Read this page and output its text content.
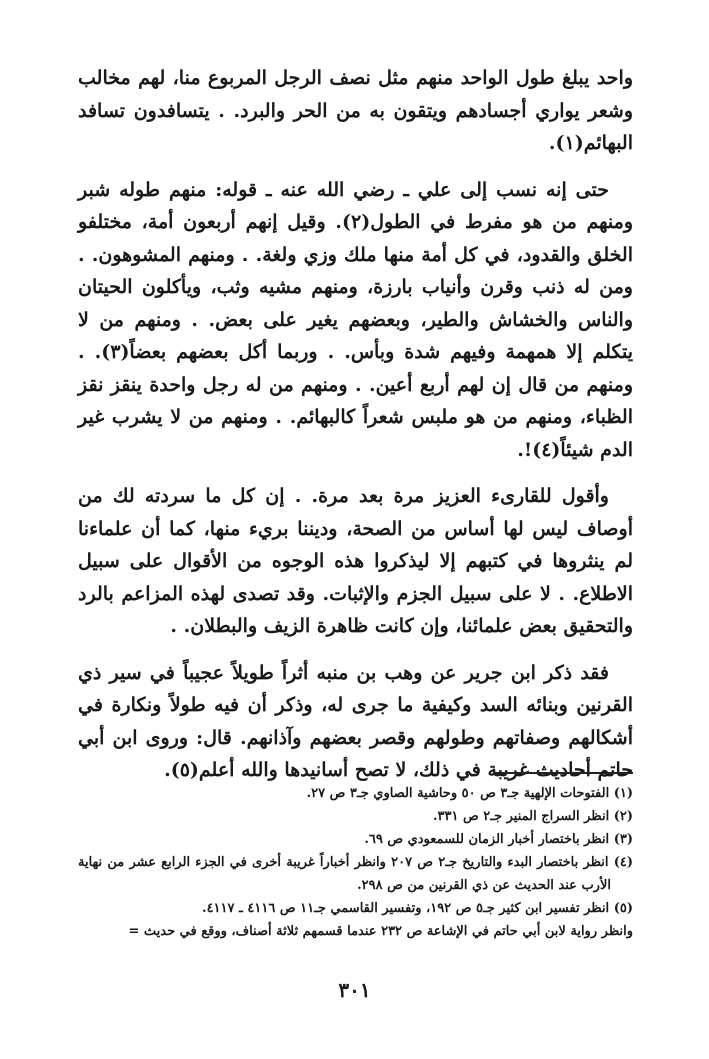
واحد يبلغ طول الواحد منهم مثل نصف الرجل المربوع منا، لهم مخالب وشعر يواري أجسادهم ويتقون به من الحر والبرد. . يتسافدون تسافد البهائم(١).

حتى إنه نسب إلى علي ـ رضي الله عنه ـ قوله: منهم طوله شبر ومنهم من هو مفرط في الطول(٢). وقيل إنهم أربعون أمة، مختلفو الخلق والقدود، في كل أمة منها ملك وزي ولغة. . ومنهم المشوهون. . ومن له ذنب وقرن وأنياب بارزة، ومنهم مشيه وثب، ويأكلون الحيتان والناس والخشاش والطير، وبعضهم يغير على بعض. . ومنهم من لا يتكلم إلا همهمة وفيهم شدة وبأس. . وربما أكل بعضهم بعضاً(٣). . ومنهم من قال إن لهم أربع أعين. . ومنهم من له رجل واحدة ينقز نقز الظباء، ومنهم من هو ملبس شعراً كالبهائم. . ومنهم من لا يشرب غير الدم شيئاً(٤)!.

وأقول للقارىء العزيز مرة بعد مرة. . إن كل ما سردته لك من أوصاف ليس لها أساس من الصحة، وديننا بريء منها، كما أن علماءنا لم ينثروها في كتبهم إلا ليذكروا هذه الوجوه من الأقوال على سبيل الاطلاع. . لا على سبيل الجزم والإثبات. وقد تصدى لهذه المزاعم بالرد والتحقيق بعض علمائنا، وإن كانت ظاهرة الزيف والبطلان. .

فقد ذكر ابن جرير عن وهب بن منبه أثراً طويلاً عجيباً في سير ذي القرنين وبنائه السد وكيفية ما جرى له، وذكر أن فيه طولاً ونكارة في أشكالهم وصفاتهم وطولهم وقصر بعضهم وآذانهم. قال: وروى ابن أبي حاتم أحاديث غريبة في ذلك، لا تصح أسانيدها والله أعلم(٥).

(١) الفتوحات الإلهية جـ٣ ص ٥٠ وحاشية الصاوي جـ٣ ص ٢٧.

(٢) انظر السراج المنير جـ٢ ص ٣٣١.

(٣) انظر باختصار أخبار الزمان للسمعودي ص ٦٩.

(٤) انظر باختصار البدء والتاريخ جـ٢ ص ٢٠٧ وانظر أخباراً غريبة أخرى في الجزء الرابع عشر من نهاية الأرب عند الحديث عن ذي القرنين من ص ٢٩٨.

(٥) انظر تفسير ابن كثير جـ٥ ص ١٩٢، وتفسير القاسمي جـ١١ ص ٤١١٦ ـ ٤١١٧.

وانظر رواية لابن أبي حاتم في الإشاعة ص ٢٣٢ عندما قسمهم ثلاثة أصناف، ووقع في حديث =

٣٠١
